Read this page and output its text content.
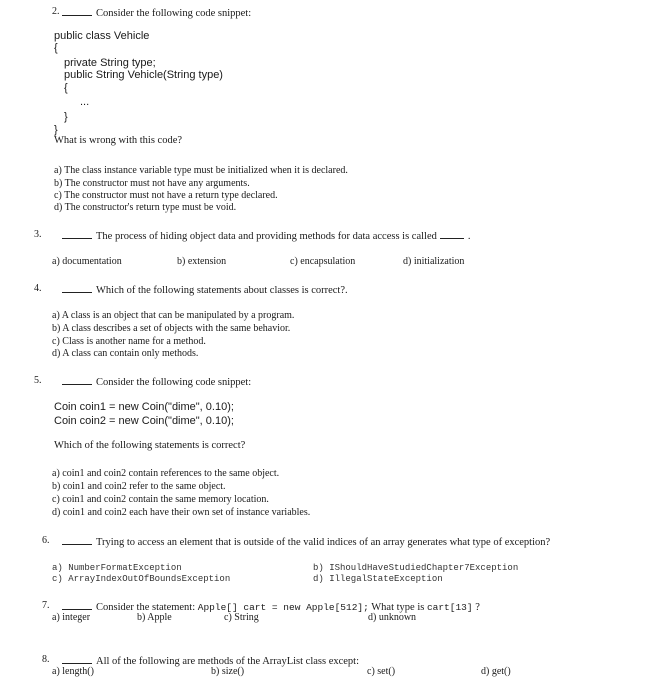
2.	Consider the following code snippet:
public class Vehicle
{
private String type;
public String Vehicle(String type)
{
...
}
}
What is wrong with this code?
a) The class instance variable type must be initialized when it is declared.
b) The constructor must not have any arguments.
c) The constructor must not have a return type declared.
d) The constructor's return type must be void.
3.	The process of hiding object data and providing methods for data access is called	.
a) documentation	b) extension	c) encapsulation	d) initialization
4.	Which of the following statements about classes is correct?.
a) A class is an object that can be manipulated by a program.
b) A class describes a set of objects with the same behavior.
c) Class is another name for a method.
d) A class can contain only methods.
5.	Consider the following code snippet:
Coin coin1 = new Coin("dime", 0.10);
Coin coin2 = new Coin("dime", 0.10);
Which of the following statements is correct?
a) coin1 and coin2 contain references to the same object.
b) coin1 and coin2 refer to the same object.
c) coin1 and coin2 contain the same memory location.
d) coin1 and coin2 each have their own set of instance variables.
6.	Trying to access an element that is outside of the valid indices of an array generates what type of exception?
a) NumberFormatException	b) IShouldHaveStudiedChapter7Exception
c) ArrayIndexOutOfBoundsException	d) IllegalStateException
7.	Consider the statement: Apple[] cart = new Apple[512]; What type is cart[13] ?
a) integer	b) Apple	c) String	d) unknown
8.	All of the following are methods of the ArrayList class except:
a) length()	b) size()	c) set()	d) get()
